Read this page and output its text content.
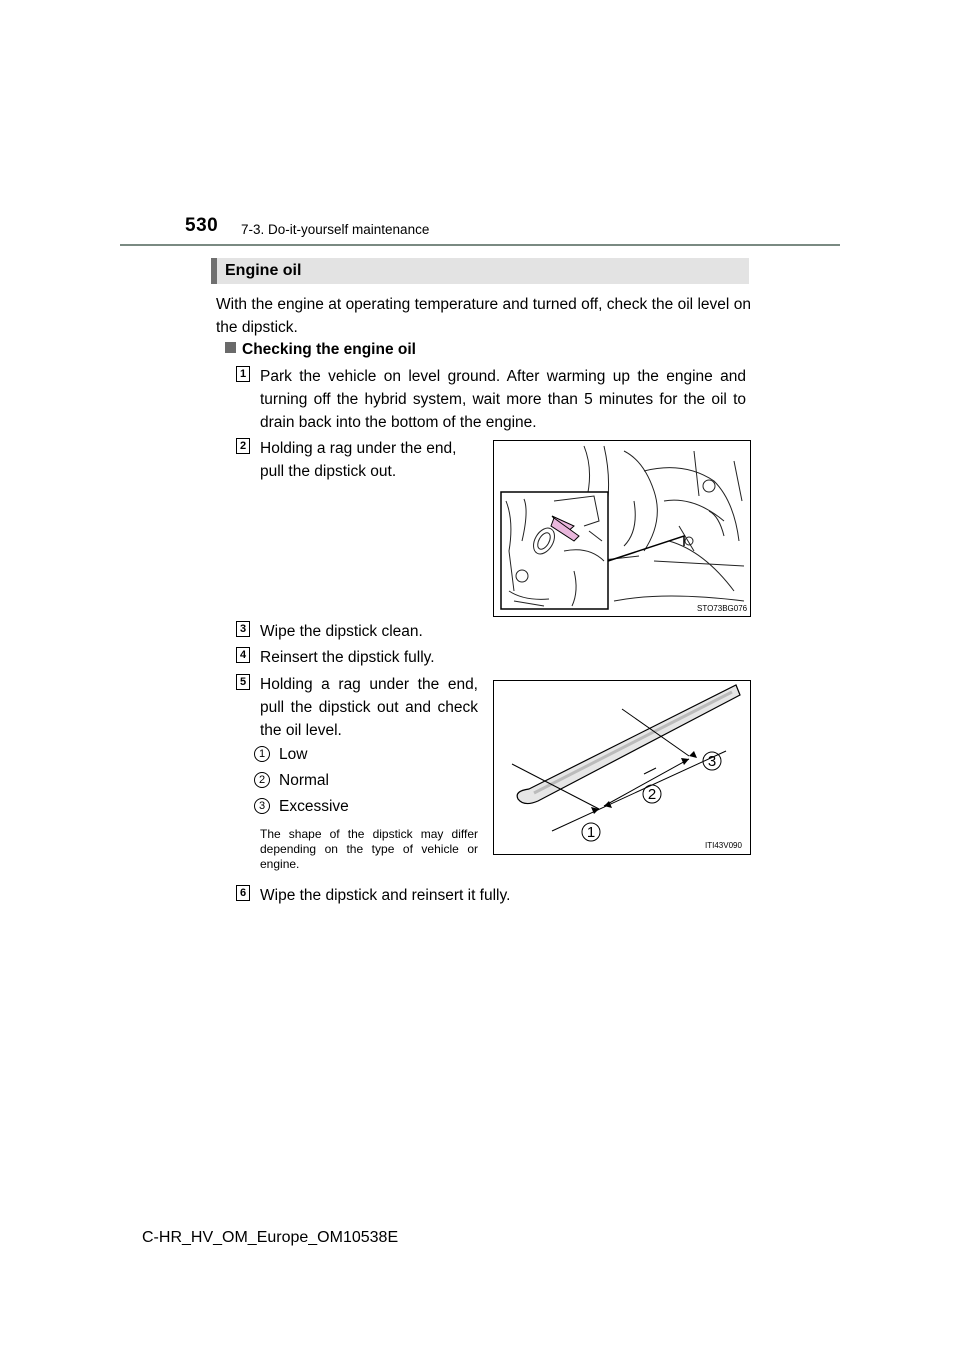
530 7-3. Do-it-yourself maintenance
Engine oil
With the engine at operating temperature and turned off, check the oil level on the dipstick.
Checking the engine oil
1 Park the vehicle on level ground. After warming up the engine and turning off the hybrid system, wait more than 5 minutes for the oil to drain back into the bottom of the engine.
2 Holding a rag under the end, pull the dipstick out.
STO73BG076
3 Wipe the dipstick clean.
4 Reinsert the dipstick fully.
5 Holding a rag under the end, pull the dipstick out and check the oil level.
1 Low
2 Normal
3 Excessive
The shape of the dipstick may differ depending on the type of vehicle or engine.
1
2
3
ITI43V090
6 Wipe the dipstick and reinsert it fully.
C-HR_HV_OM_Europe_OM10538E
